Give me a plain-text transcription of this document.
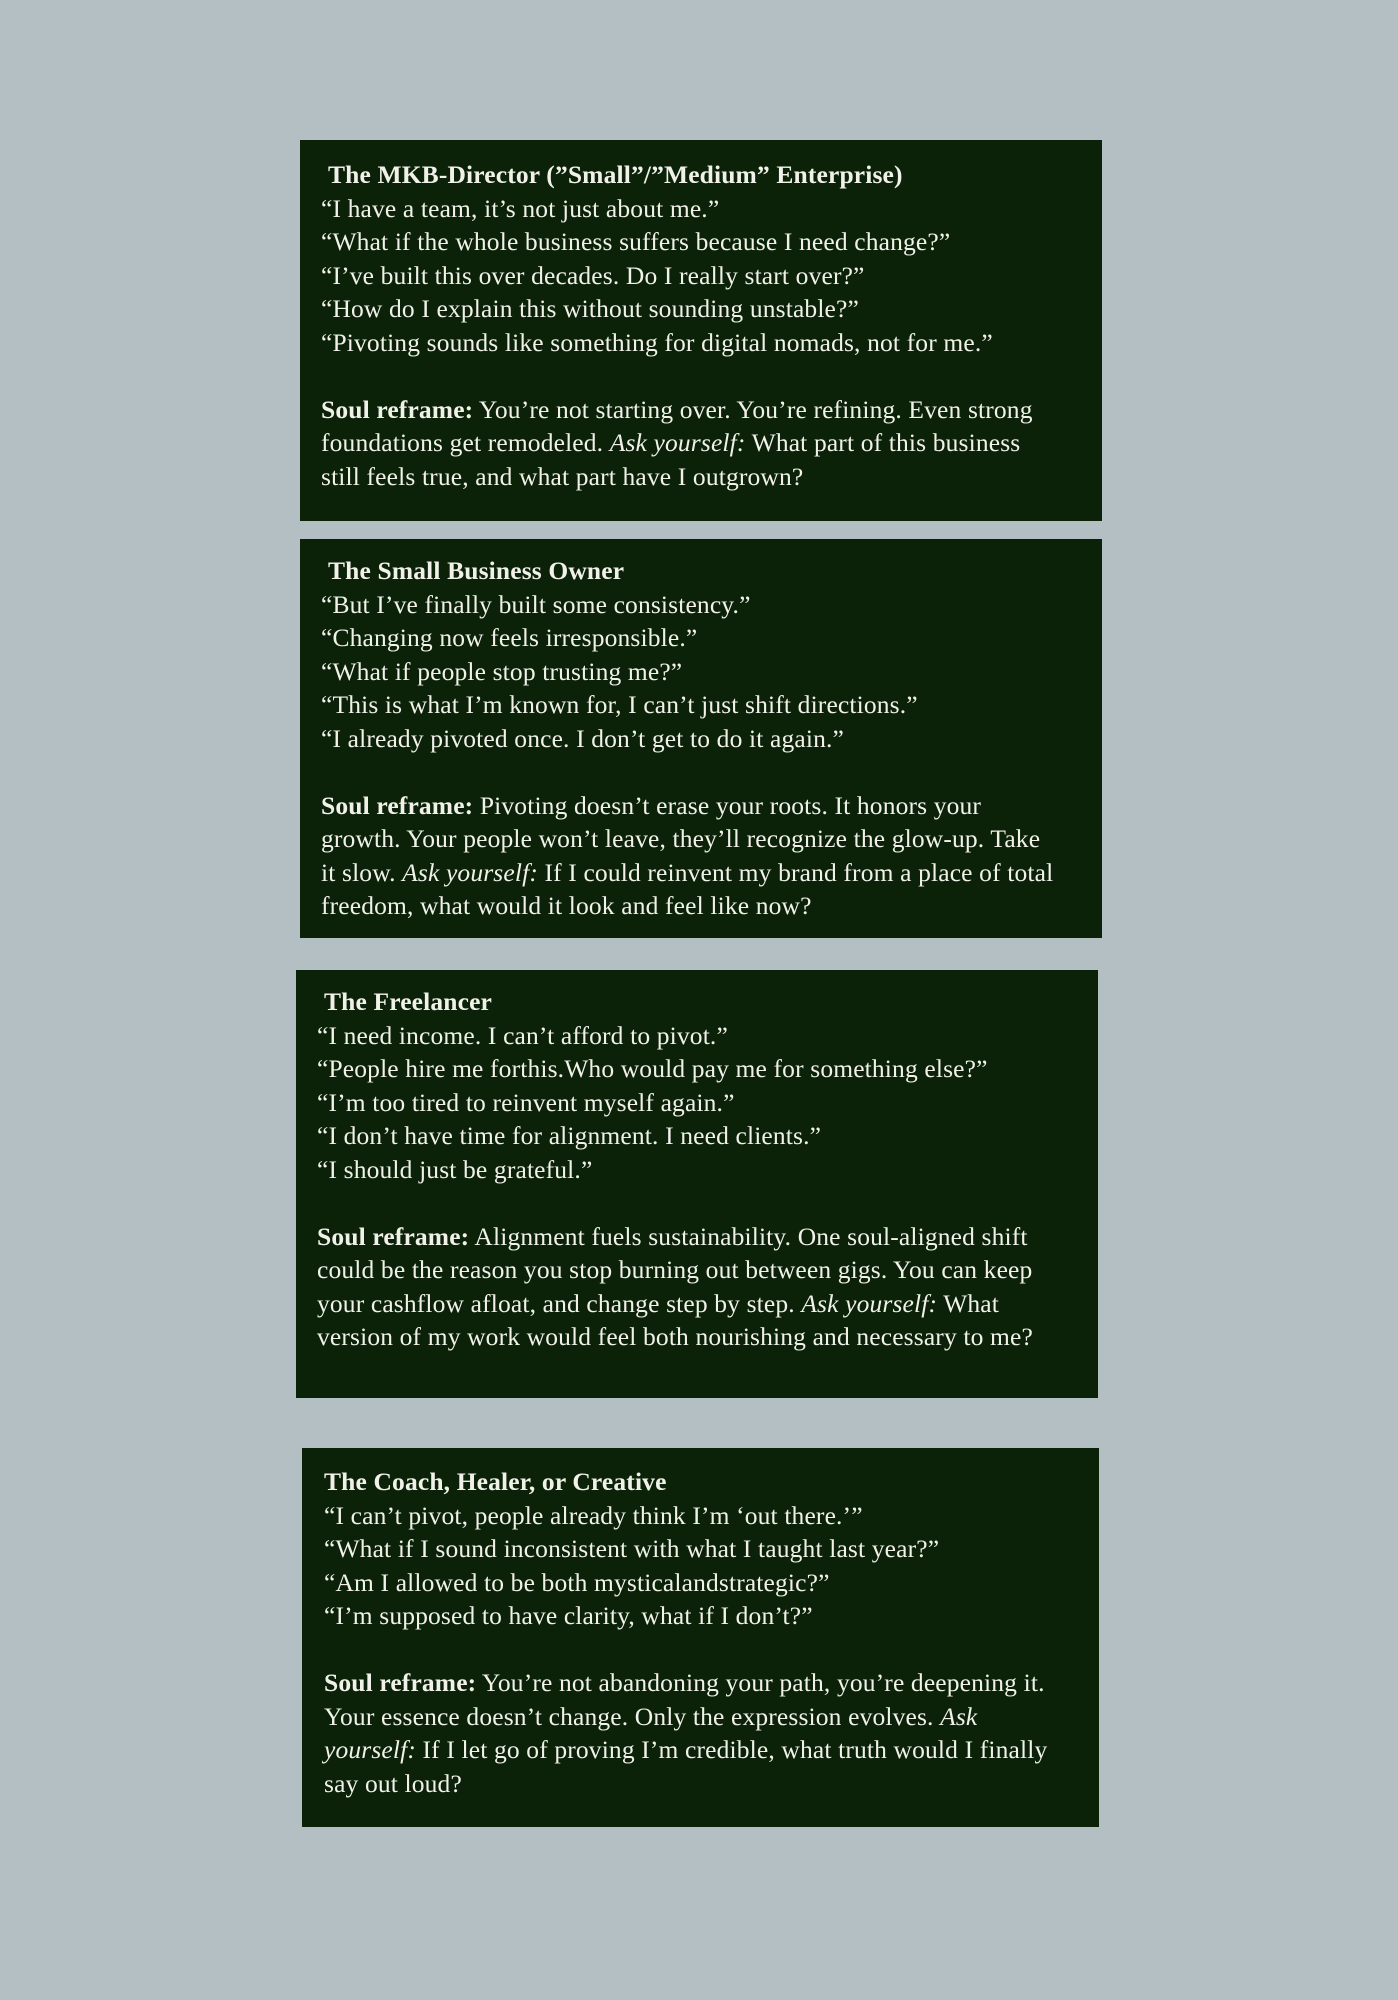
The MKB-Director (”Small”/”Medium” Enterprise)

“I have a team, it’s not just about me.”

“What if the whole business suffers because I need change?”

“I’ve built this over decades. Do I really start over?”

“How do I explain this without sounding unstable?”

“Pivoting sounds like something for digital nomads, not for me.”

Soul reframe: You’re not starting over. You’re refining. Even strong foundations get remodeled. Ask yourself: What part of this business still feels true, and what part have I outgrown?

The Small Business Owner

“But I’ve finally built some consistency.”

“Changing now feels irresponsible.”

“What if people stop trusting me?”

“This is what I’m known for, I can’t just shift directions.”

“I already pivoted once. I don’t get to do it again.”

Soul reframe: Pivoting doesn’t erase your roots. It honors your growth. Your people won’t leave, they’ll recognize the glow-up. Take it slow. Ask yourself: If I could reinvent my brand from a place of total freedom, what would it look and feel like now?

The Freelancer

“I need income. I can’t afford to pivot.”

“People hire me forthis.Who would pay me for something else?”

“I’m too tired to reinvent myself again.”

“I don’t have time for alignment. I need clients.”

“I should just be grateful.”

Soul reframe: Alignment fuels sustainability. One soul-aligned shift could be the reason you stop burning out between gigs. You can keep your cashflow afloat, and change step by step. Ask yourself: What version of my work would feel both nourishing and necessary to me?

The Coach, Healer, or Creative

“I can’t pivot, people already think I’m ‘out there.’”

“What if I sound inconsistent with what I taught last year?”

“Am I allowed to be both mysticalandstrategic?”

“I’m supposed to have clarity, what if I don’t?”

Soul reframe: You’re not abandoning your path, you’re deepening it. Your essence doesn’t change. Only the expression evolves. Ask yourself: If I let go of proving I’m credible, what truth would I finally say out loud?
